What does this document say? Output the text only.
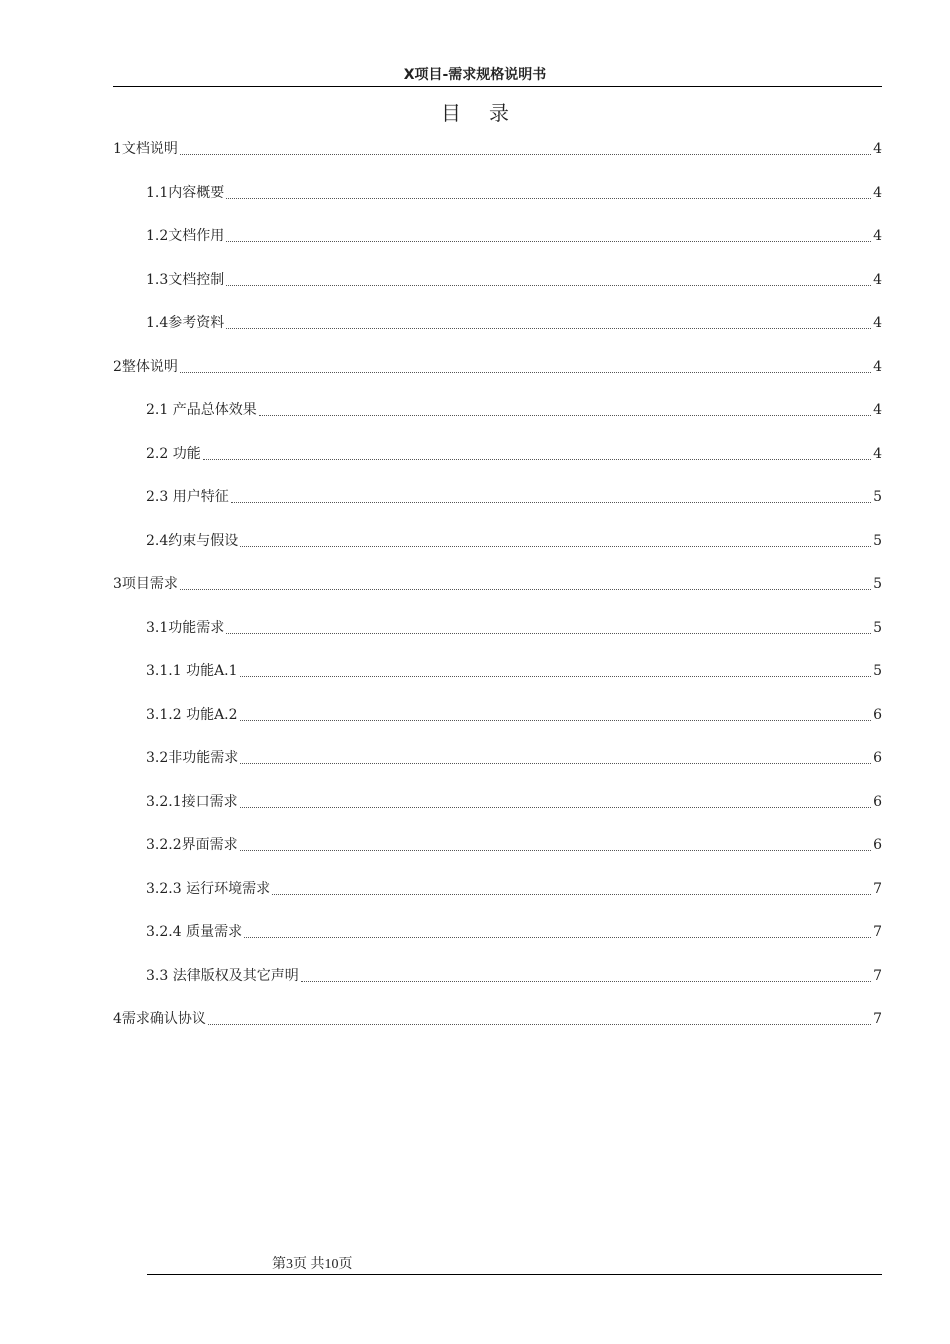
X项目-需求规格说明书
目录
1文档说明	4
1.1内容概要	4
1.2文档作用	4
1.3文档控制	4
1.4参考资料	4
2整体说明	4
2.1 产品总体效果	4
2.2 功能	4
2.3 用户特征	5
2.4约束与假设	5
3项目需求	5
3.1功能需求	5
3.1.1 功能A.1	5
3.1.2 功能A.2	6
3.2非功能需求	6
3.2.1接口需求	6
3.2.2界面需求	6
3.2.3 运行环境需求	7
3.2.4 质量需求	7
3.3 法律版权及其它声明	7
4需求确认协议	7
第3页 共10页
